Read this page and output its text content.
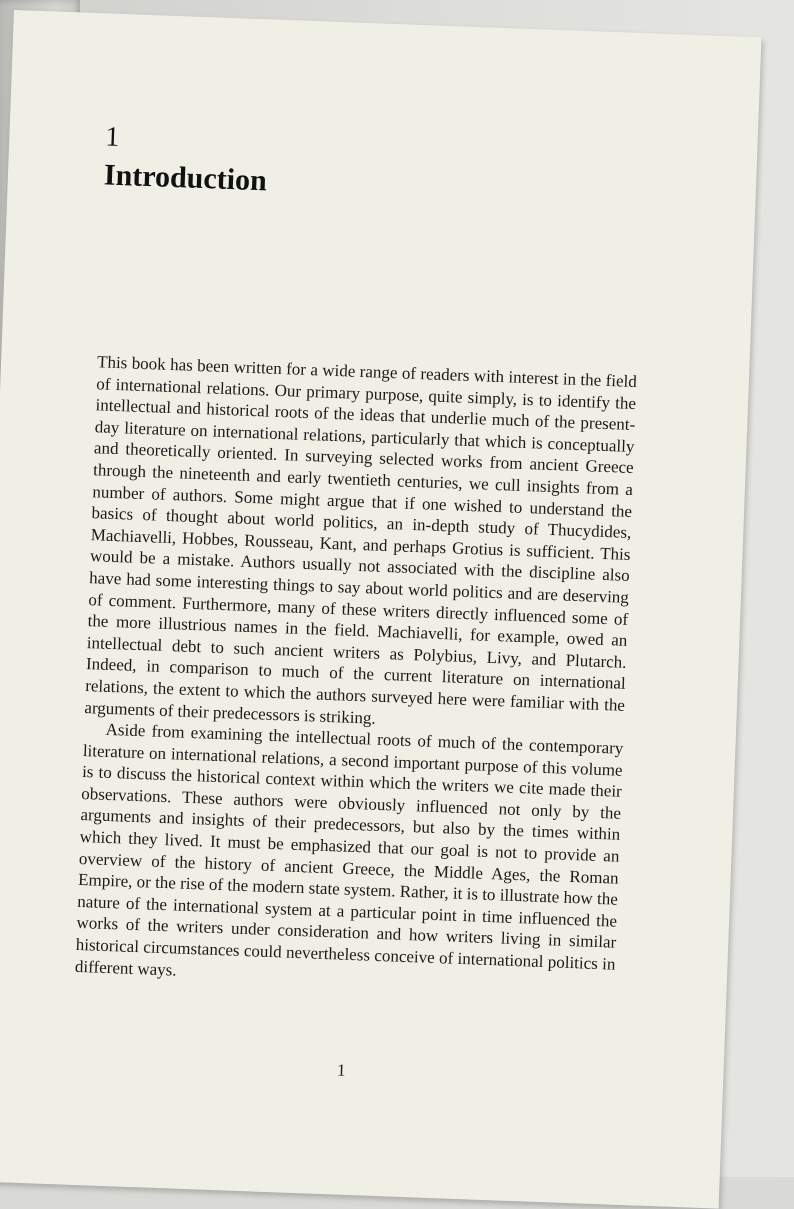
1
Introduction

This book has been written for a wide range of readers with interest in the field of international relations. Our primary purpose, quite simply, is to identify the intellectual and historical roots of the ideas that underlie much of the present-day literature on international relations, particularly that which is conceptually and theoretically oriented. In surveying selected works from ancient Greece through the nineteenth and early twentieth centuries, we cull insights from a number of authors. Some might argue that if one wished to understand the basics of thought about world politics, an in-depth study of Thucydides, Machiavelli, Hobbes, Rousseau, Kant, and perhaps Grotius is sufficient. This would be a mistake. Authors usually not associated with the discipline also have had some interesting things to say about world politics and are deserving of comment. Furthermore, many of these writers directly influenced some of the more illustrious names in the field. Machiavelli, for example, owed an intellectual debt to such ancient writers as Polybius, Livy, and Plutarch. Indeed, in comparison to much of the current literature on international relations, the extent to which the authors surveyed here were familiar with the arguments of their predecessors is striking.

Aside from examining the intellectual roots of much of the contemporary literature on international relations, a second important purpose of this volume is to discuss the historical context within which the writers we cite made their observations. These authors were obviously influenced not only by the arguments and insights of their predecessors, but also by the times within which they lived. It must be emphasized that our goal is not to provide an overview of the history of ancient Greece, the Middle Ages, the Roman Empire, or the rise of the modern state system. Rather, it is to illustrate how the nature of the international system at a particular point in time influenced the works of the writers under consideration and how writers living in similar historical circumstances could nevertheless conceive of international politics in different ways.

1
